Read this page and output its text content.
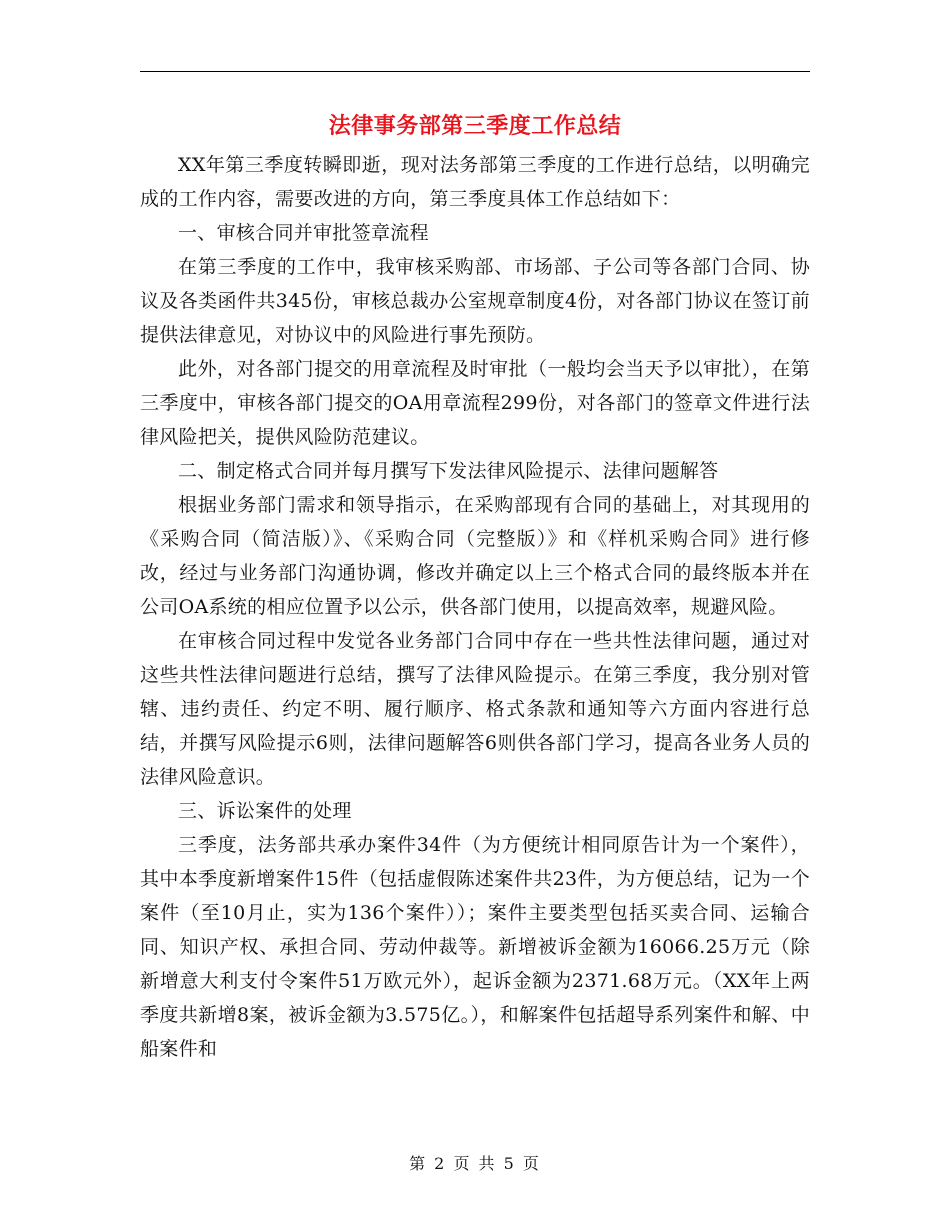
法律事务部第三季度工作总结

XX年第三季度转瞬即逝，现对法务部第三季度的工作进行总结，以明确完成的工作内容，需要改进的方向，第三季度具体工作总结如下：

一、审核合同并审批签章流程

在第三季度的工作中，我审核采购部、市场部、子公司等各部门合同、协议及各类函件共345份，审核总裁办公室规章制度4份，对各部门协议在签订前提供法律意见，对协议中的风险进行事先预防。

此外，对各部门提交的用章流程及时审批（一般均会当天予以审批），在第三季度中，审核各部门提交的OA用章流程299份，对各部门的签章文件进行法律风险把关，提供风险防范建议。

二、制定格式合同并每月撰写下发法律风险提示、法律问题解答

根据业务部门需求和领导指示，在采购部现有合同的基础上，对其现用的《采购合同（简洁版）》、《采购合同（完整版）》和《样机采购合同》进行修改，经过与业务部门沟通协调，修改并确定以上三个格式合同的最终版本并在公司OA系统的相应位置予以公示，供各部门使用，以提高效率，规避风险。

在审核合同过程中发觉各业务部门合同中存在一些共性法律问题，通过对这些共性法律问题进行总结，撰写了法律风险提示。在第三季度，我分别对管辖、违约责任、约定不明、履行顺序、格式条款和通知等六方面内容进行总结，并撰写风险提示6则，法律问题解答6则供各部门学习，提高各业务人员的法律风险意识。

三、诉讼案件的处理

三季度，法务部共承办案件34件（为方便统计相同原告计为一个案件），其中本季度新增案件15件（包括虚假陈述案件共23件，为方便总结，记为一个案件（至10月止，实为136个案件））；案件主要类型包括买卖合同、运输合同、知识产权、承担合同、劳动仲裁等。新增被诉金额为16066.25万元（除新增意大利支付令案件51万欧元外），起诉金额为2371.68万元。（XX年上两季度共新增8案，被诉金额为3.575亿。），和解案件包括超导系列案件和解、中船案件和

第 2 页 共 5 页
